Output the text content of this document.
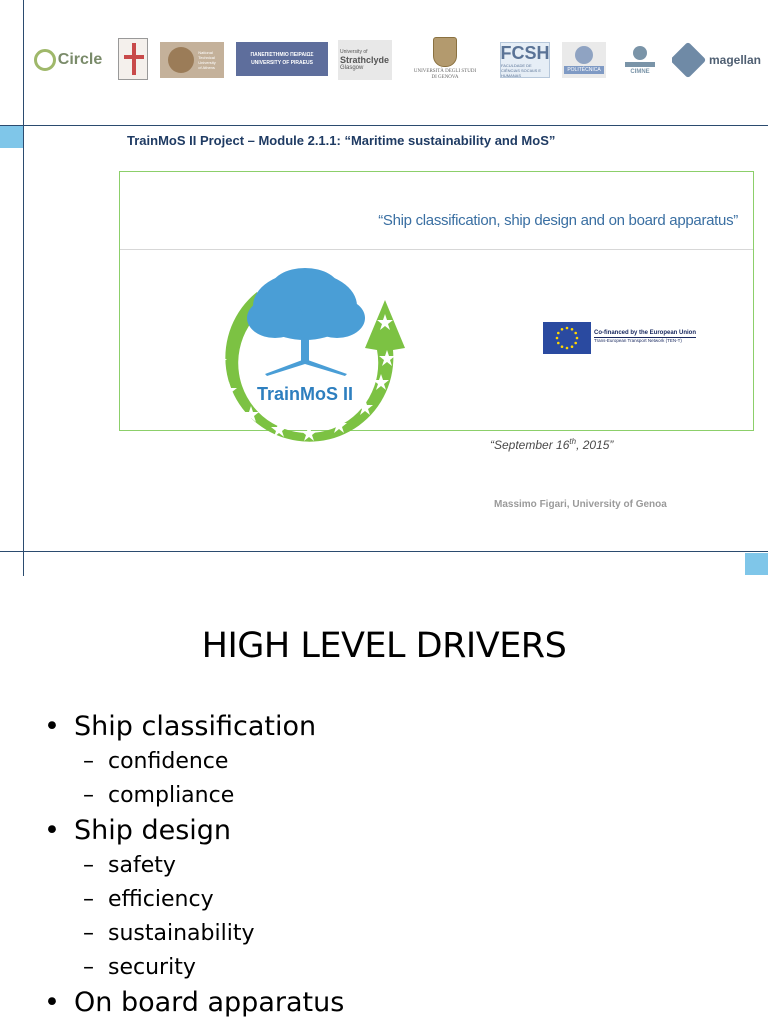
Circle	National
Technical
University
of Athens
ΠΑΝΕΠΙΣΤΗΜΙΟ ΠΕΙΡΑΙΩΣ
UNIVERSITY OF PIRAEUS
University of
Strathclyde
Glasgow
UNIVERSITÀ DEGLI STUDI
DI GENOVA
FCSH
FACULDADE DE CIÊNCIAS SOCIAIS E HUMANAS
POLITÉCNICA	CIMNE
magellan
TrainMoS II Project – Module 2.1.1: “Maritime sustainability and MoS”
“Ship classification, ship design and on board apparatus”
TrainMoS II
Co-financed by the European Union
Trans-European Transport Network (TEN-T)
“September 16th, 2015”
Massimo Figari, University of Genoa
HIGH LEVEL DRIVERS
• Ship classification
– confidence
– compliance
• Ship design
– safety
– efficiency
– sustainability
– security
• On board apparatus
